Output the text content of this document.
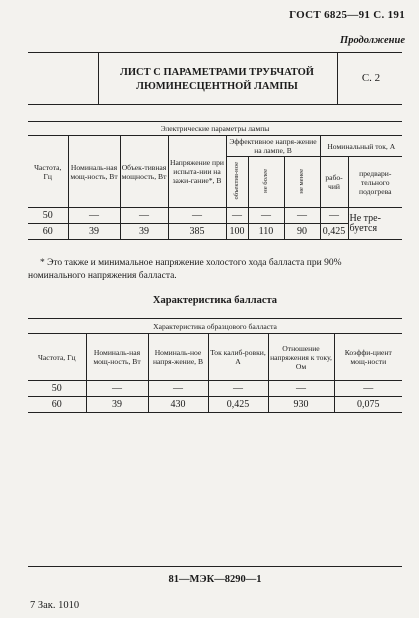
ГОСТ 6825—91 С. 191
Продолжение
ЛИСТ С ПАРАМЕТРАМИ ТРУБЧАТОЙ
ЛЮМИНЕСЦЕНТНОЙ ЛАМПЫ
С. 2
Электрические параметры лампы								
Частота, Гц	Номиналь-ная мощ-ность, Вт	Объек-тивная мощность, Вт	Напряжение при испыта-нии на зажи-гание*, В	Эффективное напря-жение на лампе, В			Номинальный ток, А	
				объектив-ное	не более	не менее	рабо-чий	предвари-тельного подогрева
50	—	—	—	—	—	—	—	Не тре-
буется

60	39	39	385	100	110	90	0,425	
* Это также и минимальное напряжение холостого хода балласта при 90% номинального напряжения балласта.
Характеристика балласта
Характеристика образцового балласта					
Частота, Гц	Номиналь-ная мощ-ность, Вт	Номиналь-ное напря-жение, В	Ток калиб-ровки, А	Отношение напряжения к току, Ом	Коэффи-циент мощ-ности
50	—	—	—	—	—
60	39	430	0,425	930	0,075
81—МЭК—8290—1
7 Зак. 1010
